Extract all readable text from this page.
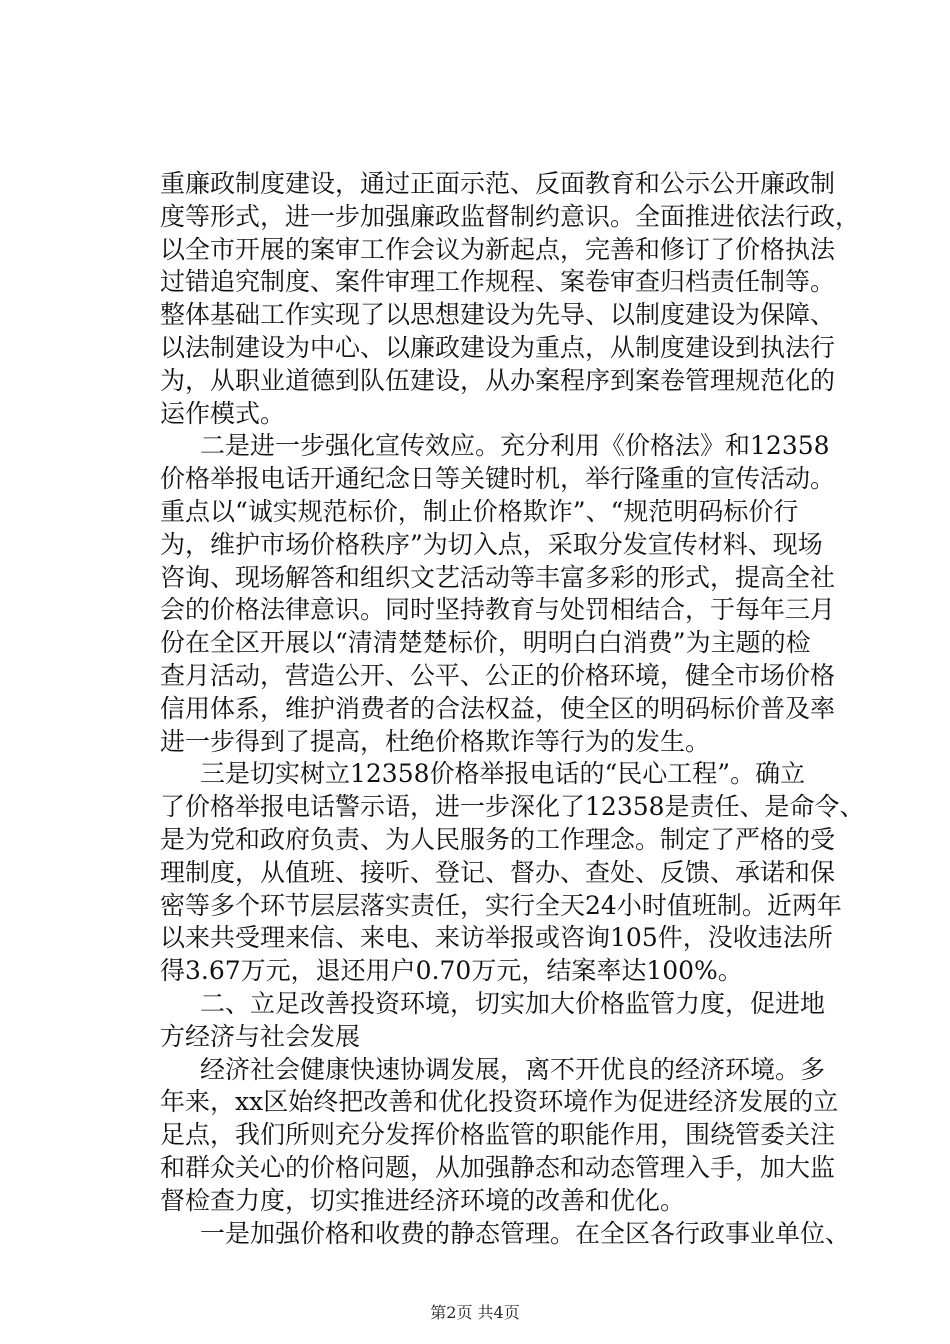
重廉政制度建设，通过正面示范、反面教育和公示公开廉政制
度等形式，进一步加强廉政监督制约意识。全面推进依法行政，
以全市开展的案审工作会议为新起点，完善和修订了价格执法
过错追究制度、案件审理工作规程、案卷审查归档责任制等。
整体基础工作实现了以思想建设为先导、以制度建设为保障、
以法制建设为中心、以廉政建设为重点，从制度建设到执法行
为，从职业道德到队伍建设，从办案程序到案卷管理规范化的
运作模式。
二是进一步强化宣传效应。充分利用《价格法》和12358
价格举报电话开通纪念日等关键时机，举行隆重的宣传活动。
重点以“诚实规范标价，制止价格欺诈”、“规范明码标价行
为，维护市场价格秩序”为切入点，采取分发宣传材料、现场
咨询、现场解答和组织文艺活动等丰富多彩的形式，提高全社
会的价格法律意识。同时坚持教育与处罚相结合，于每年三月
份在全区开展以“清清楚楚标价，明明白白消费”为主题的检
查月活动，营造公开、公平、公正的价格环境，健全市场价格
信用体系，维护消费者的合法权益，使全区的明码标价普及率
进一步得到了提高，杜绝价格欺诈等行为的发生。
三是切实树立12358价格举报电话的“民心工程”。确立
了价格举报电话警示语，进一步深化了12358是责任、是命令、
是为党和政府负责、为人民服务的工作理念。制定了严格的受
理制度，从值班、接听、登记、督办、查处、反馈、承诺和保
密等多个环节层层落实责任，实行全天24小时值班制。近两年
以来共受理来信、来电、来访举报或咨询105件，没收违法所
得3.67万元，退还用户0.70万元，结案率达100%。
二、立足改善投资环境，切实加大价格监管力度，促进地
方经济与社会发展
经济社会健康快速协调发展，离不开优良的经济环境。多
年来，xx区始终把改善和优化投资环境作为促进经济发展的立
足点，我们所则充分发挥价格监管的职能作用，围绕管委关注
和群众关心的价格问题，从加强静态和动态管理入手，加大监
督检查力度，切实推进经济环境的改善和优化。
一是加强价格和收费的静态管理。在全区各行政事业单位、
第2页 共4页
